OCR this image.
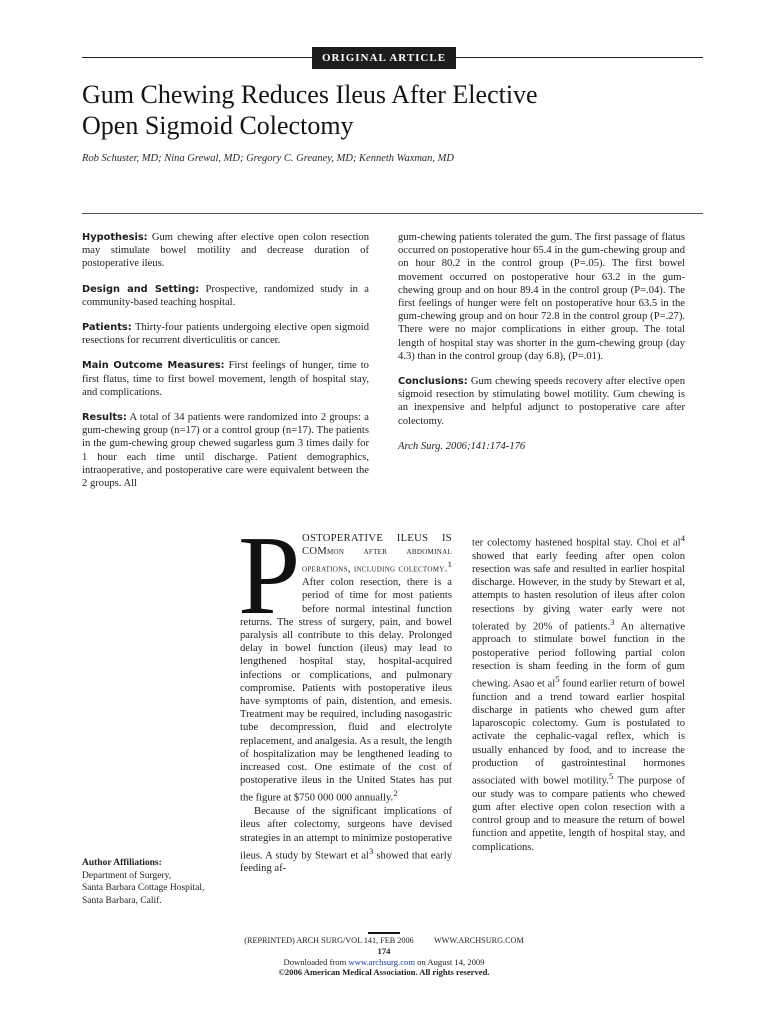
ORIGINAL ARTICLE
Gum Chewing Reduces Ileus After Elective
Open Sigmoid Colectomy
Rob Schuster, MD; Nina Grewal, MD; Gregory C. Greaney, MD; Kenneth Waxman, MD

Hypothesis: Gum chewing after elective open colon resection may stimulate bowel motility and decrease duration of postoperative ileus.

Design and Setting: Prospective, randomized study in a community-based teaching hospital.

Patients: Thirty-four patients undergoing elective open sigmoid resections for recurrent diverticulitis or cancer.

Main Outcome Measures: First feelings of hunger, time to first flatus, time to first bowel movement, length of hospital stay, and complications.

Results: A total of 34 patients were randomized into 2 groups: a gum-chewing group (n=17) or a control group (n=17). The patients in the gum-chewing group chewed sugarless gum 3 times daily for 1 hour each time until discharge. Patient demographics, intraoperative, and postoperative care were equivalent between the 2 groups. All

gum-chewing patients tolerated the gum. The first passage of flatus occurred on postoperative hour 65.4 in the gum-chewing group and on hour 80.2 in the control group (P=.05). The first bowel movement occurred on postoperative hour 63.2 in the gum-chewing group and on hour 89.4 in the control group (P=.04). The first feelings of hunger were felt on postoperative hour 63.5 in the gum-chewing group and on hour 72.8 in the control group (P=.27). There were no major complications in either group. The total length of hospital stay was shorter in the gum-chewing group (day 4.3) than in the control group (day 6.8), (P=.01).

Conclusions: Gum chewing speeds recovery after elective open sigmoid resection by stimulating bowel motility. Gum chewing is an inexpensive and helpful adjunct to postoperative care after colectomy.

Arch Surg. 2006;141:174-176

POSTOPERATIVE ILEUS IS COMmon after abdominal operations, including colectomy.$^1$ After colon resection, there is a period of time for most patients before normal intestinal function returns. The stress of surgery, pain, and bowel paralysis all contribute to this delay. Prolonged delay in bowel function (ileus) may lead to lengthened hospital stay, hospital-acquired infections or complications, and pulmonary compromise. Patients with postoperative ileus have symptoms of pain, distention, and emesis. Treatment may be required, including nasogastric tube decompression, fluid and electrolyte replacement, and analgesia. As a result, the length of hospitalization may be lengthened leading to increased cost. One estimate of the cost of postoperative ileus in the United States has put the figure at $750 000 000 annually.$^2$

Because of the significant implications of ileus after colectomy, surgeons have devised strategies in an attempt to minimize postoperative ileus. A study by Stewart et $al^3$ showed that early feeding af-

ter colectomy hastened hospital stay. Choi et $al^4$ showed that early feeding after open colon resection was safe and resulted in earlier hospital discharge. However, in the study by Stewart et al, attempts to hasten resolution of ileus after colon resections by giving water early were not tolerated by 20% of patients.$^3$ An alternative approach to stimulate bowel function in the postoperative period following partial colon resection is sham feeding in the form of gum chewing. Asao et $al^5$ found earlier return of bowel function and a trend toward earlier hospital discharge in patients who chewed gum after laparoscopic colectomy. Gum is postulated to activate the cephalic-vagal reflex, which is usually enhanced by food, and to increase the production of gastrointestinal hormones associated with bowel motility.$^5$ The purpose of our study was to compare patients who chewed gum after elective open colon resection with a control group and to measure the return of bowel function and appetite, length of hospital stay, and complications.

Author Affiliations:
Department of Surgery,
Santa Barbara Cottage Hospital,
Santa Barbara, Calif.
(REPRINTED) ARCH SURG/VOL 141, FEB 2006          WWW.ARCHSURG.COM
174
Downloaded from www.archsurg.com on August 14, 2009
©2006 American Medical Association. All rights reserved.
